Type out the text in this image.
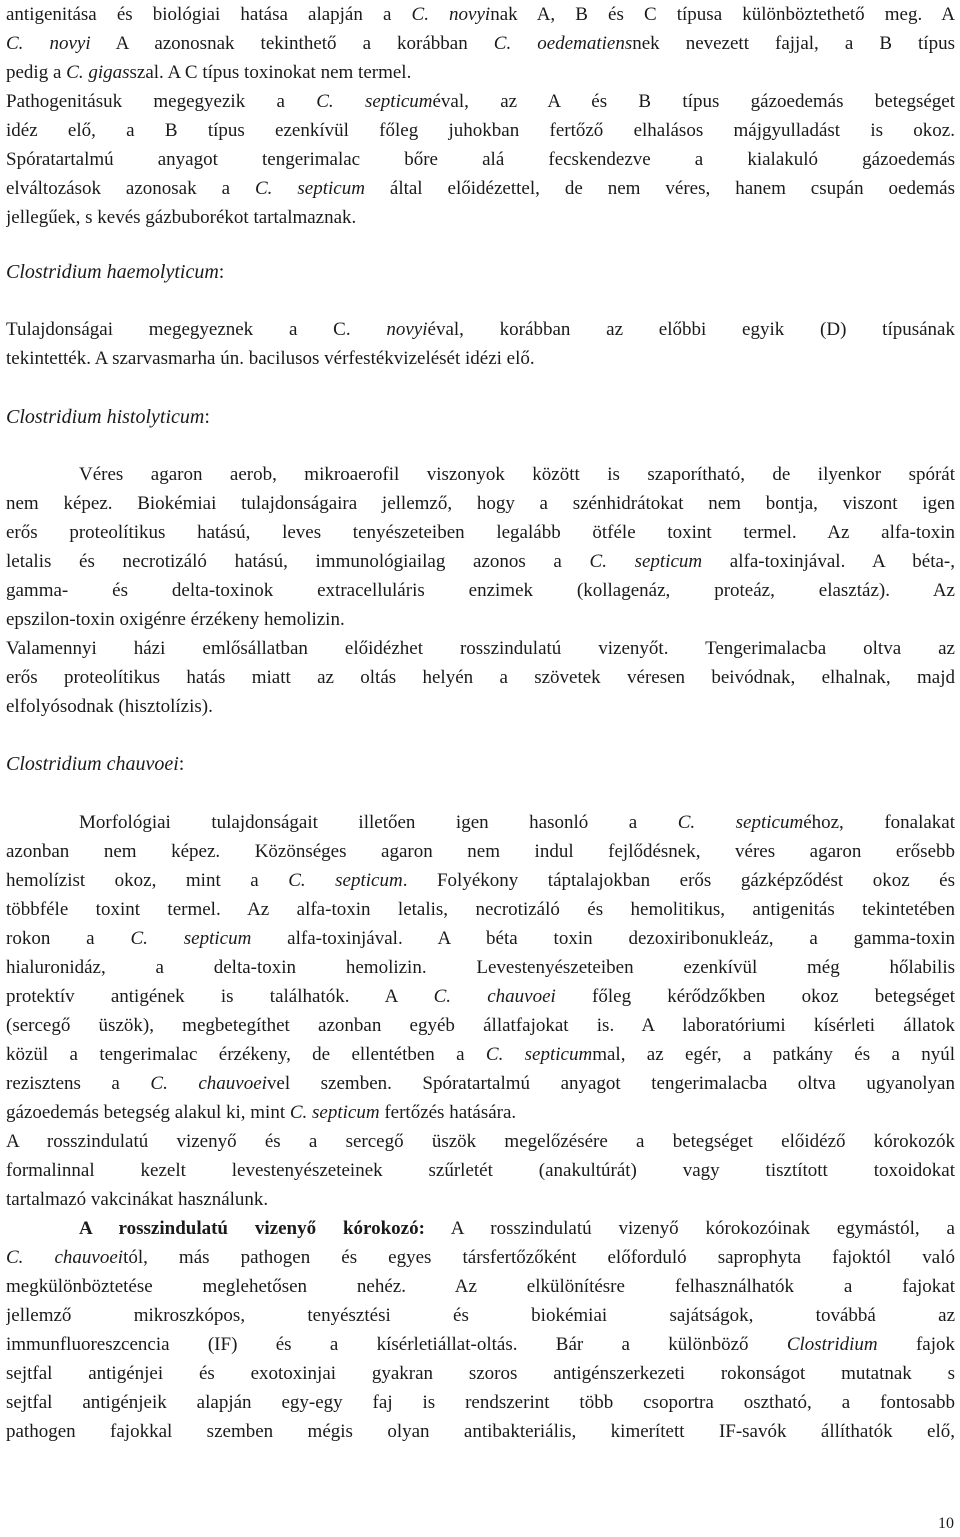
antigenitása és biológiai hatása alapján a C. novyinak A, B és C típusa különböztethető meg. A
C. novyi A azonosnak tekinthető a korábban C. oedematiensnek nevezett fajjal, a B típus
pedig a C. gigasszal. A C típus toxinokat nem termel.
Pathogenitásuk megegyezik a C. septicuméval, az A és B típus gázoedemás betegséget
idéz elő, a B típus ezenkívül főleg juhokban fertőző elhalásos májgyulladást is okoz.
Spóratartalmú anyagot tengerimalac bőre alá fecskendezve a kialakuló gázoedemás
elváltozások azonosak a C. septicum által előidézettel, de nem véres, hanem csupán oedemás
jellegűek, s kevés gázbuborékot tartalmaznak.
Clostridium haemolyticum:
Tulajdonságai megegyeznek a C. novyiéval, korábban az előbbi egyik (D) típusának
tekintették. A szarvasmarha ún. bacilusos vérfestékvizelését idézi elő.
Clostridium histolyticum:
Véres agaron aerob, mikroaerofil viszonyok között is szaporítható, de ilyenkor spórát
nem képez. Biokémiai tulajdonságaira jellemző, hogy a szénhidrátokat nem bontja, viszont igen
erős proteolítikus hatású, leves tenyészeteiben legalább ötféle toxint termel. Az alfa-toxin
letalis és necrotizáló hatású, immunológiailag azonos a C. septicum alfa-toxinjával. A béta-,
gamma- és delta-toxinok extracelluláris enzimek (kollagenáz, proteáz, elasztáz). Az
epszilon-toxin oxigénre érzékeny hemolizin.
Valamennyi házi emlősállatban előidézhet rosszindulatú vizenyőt. Tengerimalacba oltva az
erős proteolítikus hatás miatt az oltás helyén a szövetek véresen beivódnak, elhalnak, majd
elfolyósodnak (hisztolízis).
Clostridium chauvoei:
Morfológiai tulajdonságait illetően igen hasonló a C. septicuméhoz, fonalakat
azonban nem képez. Közönséges agaron nem indul fejlődésnek, véres agaron erősebb
hemolízist okoz, mint a C. septicum. Folyékony táptalajokban erős gázképződést okoz és
többféle toxint termel. Az alfa-toxin letalis, necrotizáló és hemolitikus, antigenitás tekintetében
rokon a C. septicum alfa-toxinjával. A béta toxin dezoxiribonukleáz, a gamma-toxin
hialuronidáz, a delta-toxin hemolizin. Levestenyészeteiben ezenkívül még hőlabilis
protektív antigének is találhatók. A C. chauvoei főleg kérődzőkben okoz betegséget
(sercegő üszök), megbetegíthet azonban egyéb állatfajokat is. A laboratóriumi kísérleti állatok
közül a tengerimalac érzékeny, de ellentétben a C. septicummal, az egér, a patkány és a nyúl
rezisztens a C. chauvoeivel szemben. Spóratartalmú anyagot tengerimalacba oltva ugyanolyan
gázoedemás betegség alakul ki, mint C. septicum fertőzés hatására.
A rosszindulatú vizenyő és a sercegő üszök megelőzésére a betegséget előidéző kórokozók
formalinnal kezelt levestenyészeteinek szűrletét (anakultúrát) vagy tisztított toxoidokat
tartalmazó vakcinákat használunk.
A rosszindulatú vizenyő kórokozó: A rosszindulatú vizenyő kórokozóinak egymástól, a
C. chauvoeitól, más pathogen és egyes társfertőzőként előforduló saprophyta fajoktól való
megkülönböztetése meglehetősen nehéz. Az elkülönítésre felhasználhatók a fajokat
jellemző mikroszkópos, tenyésztési és biokémiai sajátságok, továbbá az
immunfluoreszcencia (IF) és a kísérletiállat-oltás. Bár a különböző Clostridium fajok
sejtfal antigénjei és exotoxinjai gyakran szoros antigénszerkezeti rokonságot mutatnak s
sejtfal antigénjeik alapján egy-egy faj is rendszerint több csoportra osztható, a fontosabb
pathogen fajokkal szemben mégis olyan antibakteriális, kimerített IF-savók állíthatók elő,
10
